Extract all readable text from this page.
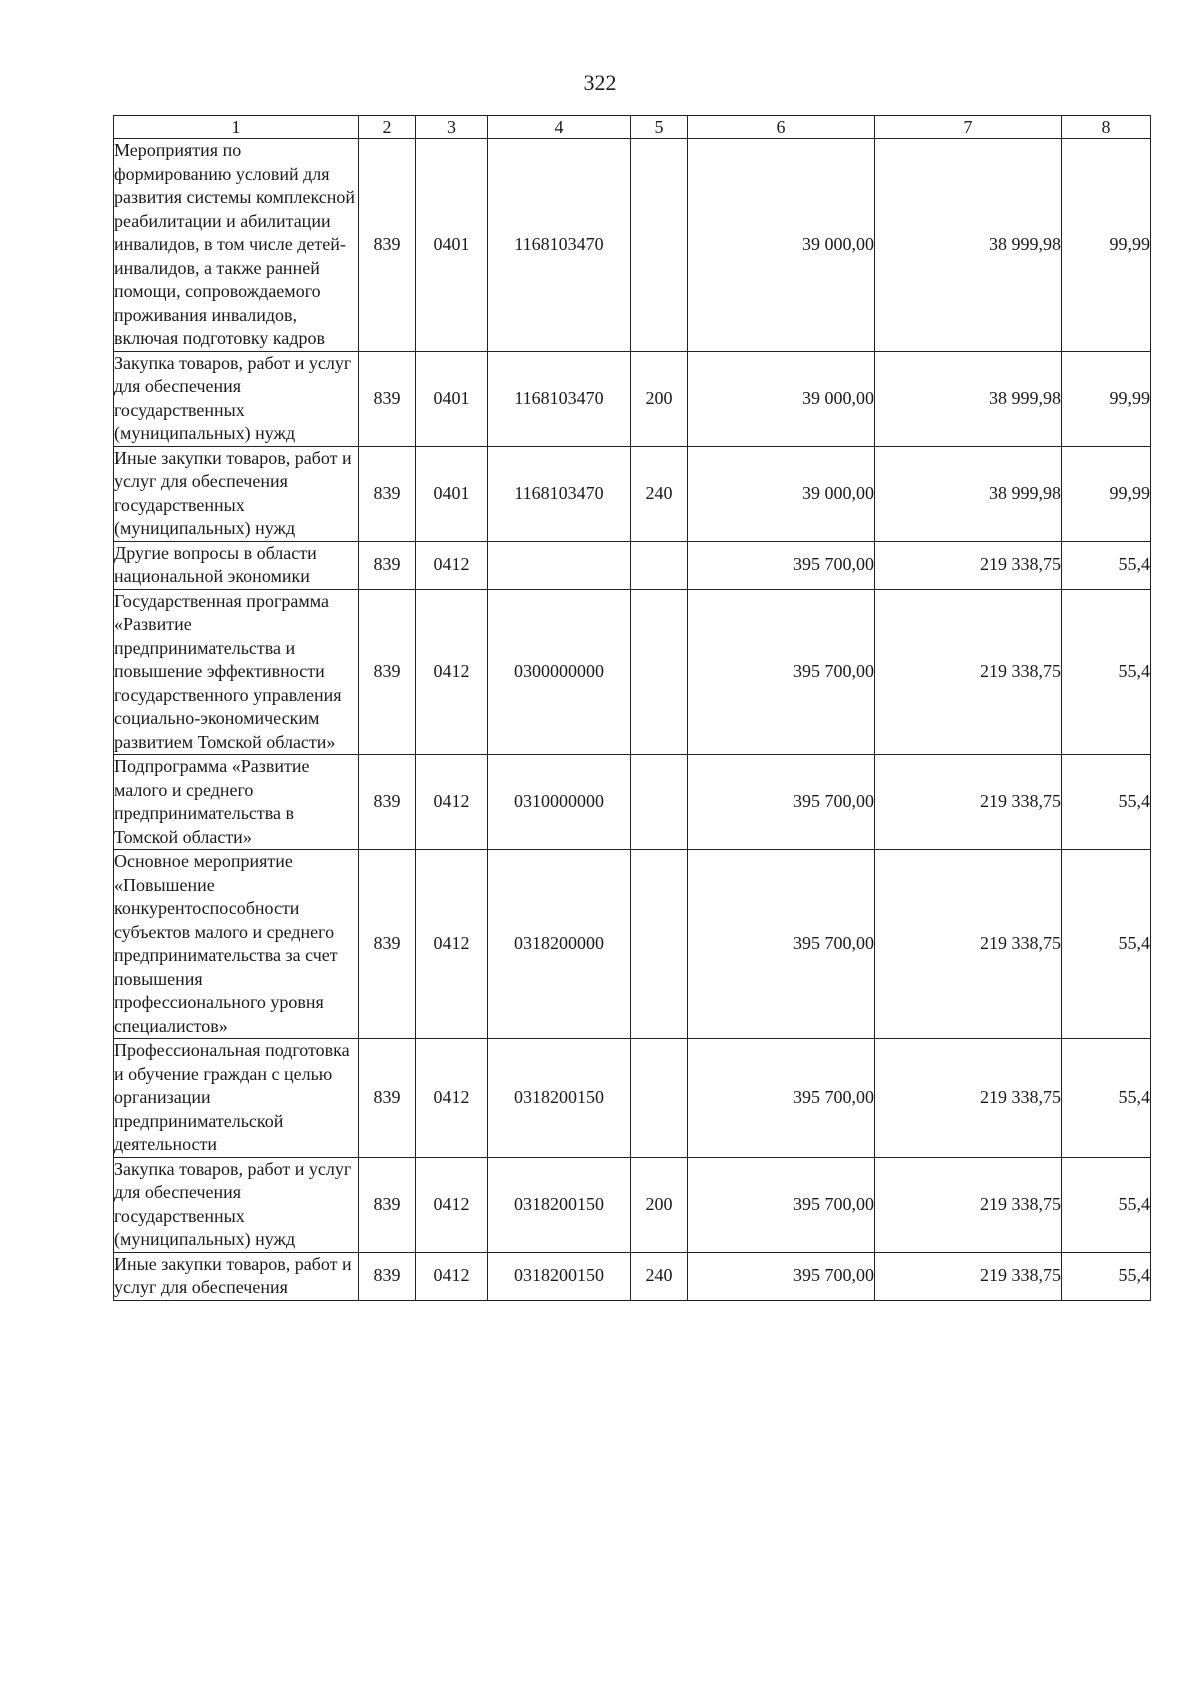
322
1	2	3	4	5	6	7	8
Мероприятия по формированию условий для развития системы комплексной реабилитации и абилитации инвалидов, в том числе детей-инвалидов, а также ранней помощи, сопровождаемого проживания инвалидов, включая подготовку кадров	839	0401	1168103470		39 000,00	38 999,98	99,99
Закупка товаров, работ и услуг для обеспечения государственных (муниципальных) нужд	839	0401	1168103470	200	39 000,00	38 999,98	99,99
Иные закупки товаров, работ и услуг для обеспечения государственных (муниципальных) нужд	839	0401	1168103470	240	39 000,00	38 999,98	99,99
Другие вопросы в области национальной экономики	839	0412			395 700,00	219 338,75	55,4
Государственная программа «Развитие предпринимательства и повышение эффективности государственного управления социально-экономическим развитием Томской области»	839	0412	0300000000		395 700,00	219 338,75	55,4
Подпрограмма «Развитие малого и среднего предпринимательства в Томской области»	839	0412	0310000000		395 700,00	219 338,75	55,4
Основное мероприятие «Повышение конкурентоспособности субъектов малого и среднего предпринимательства за счет повышения профессионального уровня специалистов»	839	0412	0318200000		395 700,00	219 338,75	55,4
Профессиональная подготовка и обучение граждан с целью организации предпринимательской деятельности	839	0412	0318200150		395 700,00	219 338,75	55,4
Закупка товаров, работ и услуг для обеспечения государственных (муниципальных) нужд	839	0412	0318200150	200	395 700,00	219 338,75	55,4
Иные закупки товаров, работ и услуг для обеспечения	839	0412	0318200150	240	395 700,00	219 338,75	55,4
